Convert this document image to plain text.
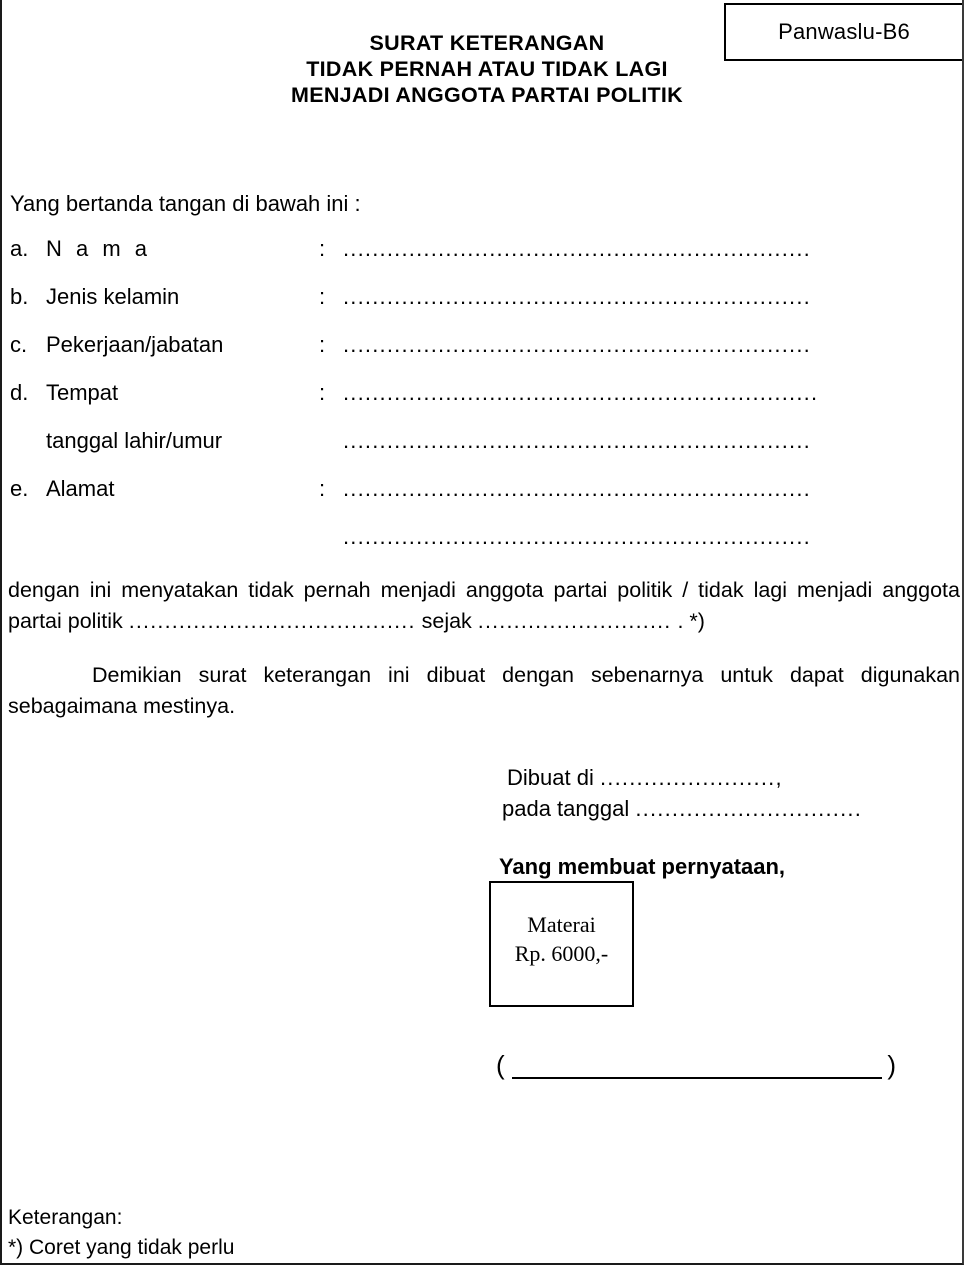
Panwaslu-B6
SURAT KETERANGAN
TIDAK PERNAH ATAU TIDAK LAGI
MENJADI ANGGOTA PARTAI POLITIK
Yang bertanda tangan di bawah ini :
a. N a m a	: ................................................................
b. Jenis kelamin	: ................................................................
c. Pekerjaan/jabatan	: ................................................................
d. Tempat	: .................................................................
tanggal lahir/umur	................................................................
e. Alamat	: ................................................................
................................................................
dengan ini menyatakan tidak pernah menjadi anggota partai politik / tidak lagi menjadi anggota partai politik ........................................ sejak ........................... . *)
Demikian surat keterangan ini dibuat dengan sebenarnya untuk dapat digunakan sebagaimana mestinya.
Dibuat di ........................,
pada tanggal ...............................
Yang membuat pernyataan,
Materai
Rp. 6000,-
(	)
Keterangan:
*) Coret yang tidak perlu
